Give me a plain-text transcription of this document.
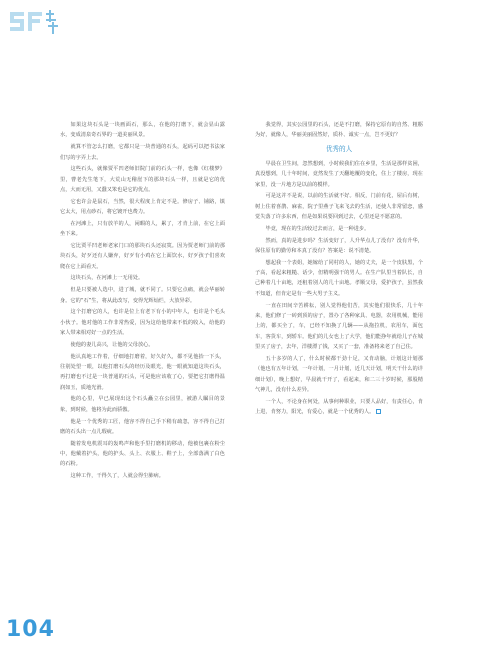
如果这块石头是一块画面石，那么，在他的打磨下，就会显山露水，变成清泉奇石界的一道美丽风景。

就算不管怎么打磨，它都只是一块普通的石头，起码可以把书法家们写的字弄上去。

这些石头，就像贾平凹老师旧院门前的石头一样，也像《红楼梦》里，曹老先生笔下，大荒山无稽崖下的那块石头一样，且就是它的优点，大而无用，又蠢又笨也是它的优点。

它也许会是鼠石，当然，很大程度上肯定不是。修房子、铺路，镇它太大，用点砂石，将它镀开也费力。

在河滩上，只有放羊的人，闲暇的人，累了，才肯上前，在它上面坐下来。

它比贾平凹老师老家门口的那块石头还寂寞。因为贾老师门前的那块石头，好歹还有人嫌弃，好歹有小鸡在它上面饮水，好歹孩子们喜欢爬在它上面看天。

这块石头，在河滩上一无用处。

但是只要被人选中，进了城，就不同了。只要它点痛，就会华丽转身。它的“石”生，将从此改写，变得光辉灿烂，大放异彩。

这个打磨它的人，也许是位上有老下有小的中年人，也许是个毛头小伙子。他对他的工作非常热爱，因为这给他带来不低的收入，给他的家人带来相对好一点的生活。

使他的妻儿高兴，让他的父母放心。

他认真地工作着，仔细地打磨着，好久好久，都不见他抬一下头，往别处望一眼，以他打磨石头的经历及眼光，他一眼就知道这块石头，再打磨也不过是一块普通的石头，可是他应该收了心，要把它打磨得温润如玉，质地光滑。

他的心里，早已展现出这个石头矗立在公园里，被游人瞩目的景象，到时候，他将为此而骄傲。

他是一个优秀的工匠，他容不得自己手下稍有疏忽，容不得自己打磨的石头出一点儿瑕疵。

随着发电机震耳的轰鸣声和他手里打磨机的移动，他被包裹在粉尘中，他戴着护头，他的护头、头上、衣服上、鞋子上，全部落满了白色的石粉。

这种工作，干得久了，人就会得尘肺病。

我觉得，其实公园里的石头，还是不打磨，保持它原有的自然、粗粝为好，就像人，华丽美丽固然好，质朴、诚实一点，岂不更好？

优秀的人

早晨在卫生间，忽然想到，小时候我们住在乡里，生活是那样贫困，真没想到，几十年时间，竟然发生了天翻地覆的变化，住上了楼房，现在家里，没一片地方是以前的模样。

可是这并不是说，以前的生活就不好。相反，门前有花，屋后有树，树上住着喜鹊、麻雀，院子里燕子飞来飞去的生活，还使人非常留恋，感觉失落了许多东西，但是如果说要回到过去，心里还是不愿意的。

毕竟，现在的生活较过去而言，是一种进步。

然而，真的是进步吗？生活变好了，人升华点儿了没有？没有升华，保住原有的勤劳和本真了没有？答案是：说不清楚。

想起我一个表姐，她嫁给了同村的人，她的丈夫，是一个皮肤黑，个子高，看起来粗糙、话少，但精明强干的男人。在生产队里当着队长，自己种着几十亩地，还租着别人的几十亩地。孝顺父母，爱护孩子，虽然我不知道，但肯定是有一些大男子主义。

一直在田间辛苦耕耘，别人觉得他们苦，其实他们很快乐，几十年来，他们修了一砖到顶的房子，置办了各种家具、电器，农用机械，能用上的，都买全了，车，已经不知换了几辆——从拖拉机，农用车，面包车，客货车，到轿车。他们的儿女也上了大学，他们能挣年就给儿子在城里买了房子，去年，洋楼漂了钱，又买了一套，准备将来老了自己住。

五十多岁的人了，什么时候都干劲十足，又肯动脑，计划这计划那（他也有五年计划，一年计划，一月计划，近几天计划，明天干什么的详细计划），晚上想好，早晨就干开了，看起来，和二三十岁时候，那股精气神儿，没有什么差异。

一个人，不论身在何处，从事何种职业，只要人品好，有责任心，肯上进，肯努力，阳光，有爱心，就是一个优秀的人。

104
